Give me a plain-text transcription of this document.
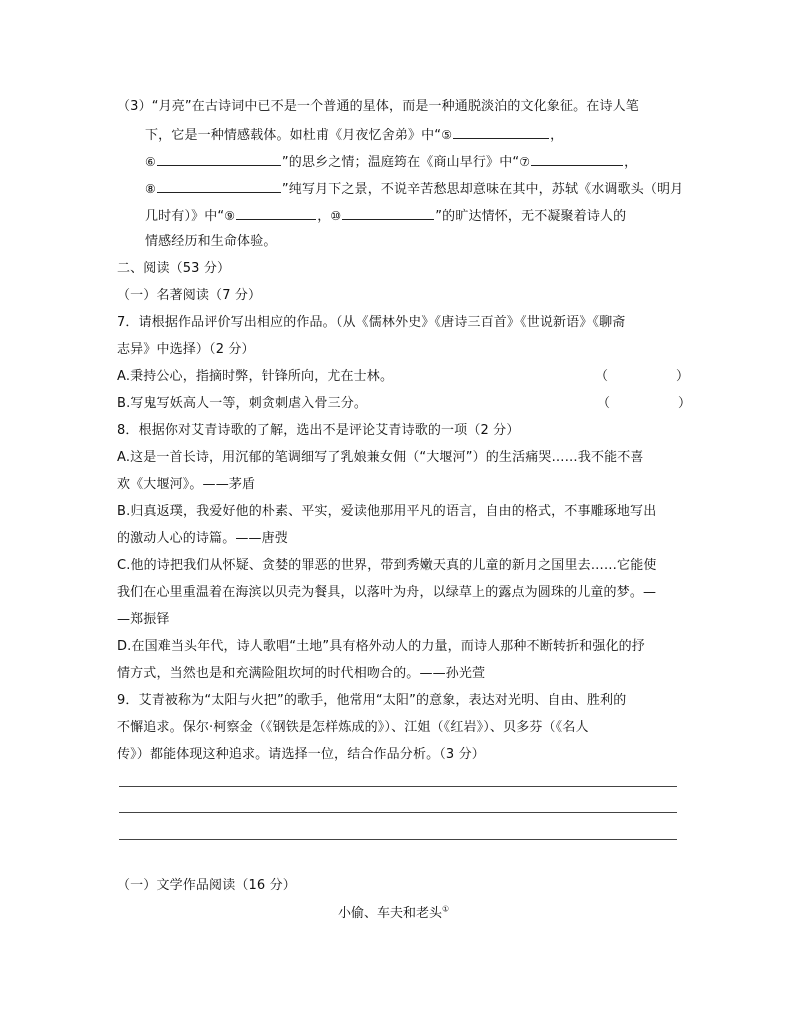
（3）“月亮”在古诗词中已不是一个普通的星体，而是一种通脱淡泊的文化象征。在诗人笔
下，它是一种情感载体。如杜甫《月夜忆舍弟》中“⑤	，
⑥	”的思乡之情；温庭筠在《商山早行》中“⑦	，
⑧	”纯写月下之景，不说辛苦愁思却意味在其中，苏轼《水调歌头（明月
几时有）》中“⑨	，⑩	”的旷达情怀，无不凝聚着诗人的
情感经历和生命体验。
二、阅读（53 分）
（一）名著阅读（7 分）
7．请根据作品评价写出相应的作品。（从《儒林外史》《唐诗三百首》《世说新语》《聊斋
志异》中选择）（2 分）
A.秉持公心，指摘时弊，针锋所向，尤在士林。	（	）
B.写鬼写妖高人一等，刺贪刺虐入骨三分。	（	）
8．根据你对艾青诗歌的了解，选出不是评论艾青诗歌的一项（2 分）
A.这是一首长诗，用沉郁的笔调细写了乳娘兼女佣（“大堰河”）的生活痛哭……我不能不喜
欢《大堰河》。——茅盾
B.归真返璞，我爱好他的朴素、平实，爱读他那用平凡的语言，自由的格式，不事雕琢地写出
的激动人心的诗篇。——唐弢
C.他的诗把我们从怀疑、贪婪的罪恶的世界，带到秀嫩天真的儿童的新月之国里去……它能使
我们在心里重温着在海滨以贝壳为餐具，以落叶为舟，以绿草上的露点为圆珠的儿童的梦。—
—郑振铎
D.在国难当头年代，诗人歌唱“土地”具有格外动人的力量，而诗人那种不断转折和强化的抒
情方式，当然也是和充满险阻坎坷的时代相吻合的。——孙光萱
9．艾青被称为“太阳与火把”的歌手，他常用“太阳”的意象，表达对光明、自由、胜利的
不懈追求。保尔·柯察金（《钢铁是怎样炼成的》）、江姐（《红岩》）、贝多芬（《名人
传》）都能体现这种追求。请选择一位，结合作品分析。（3 分）
（一）文学作品阅读（16 分）
小偷、车夫和老头①
